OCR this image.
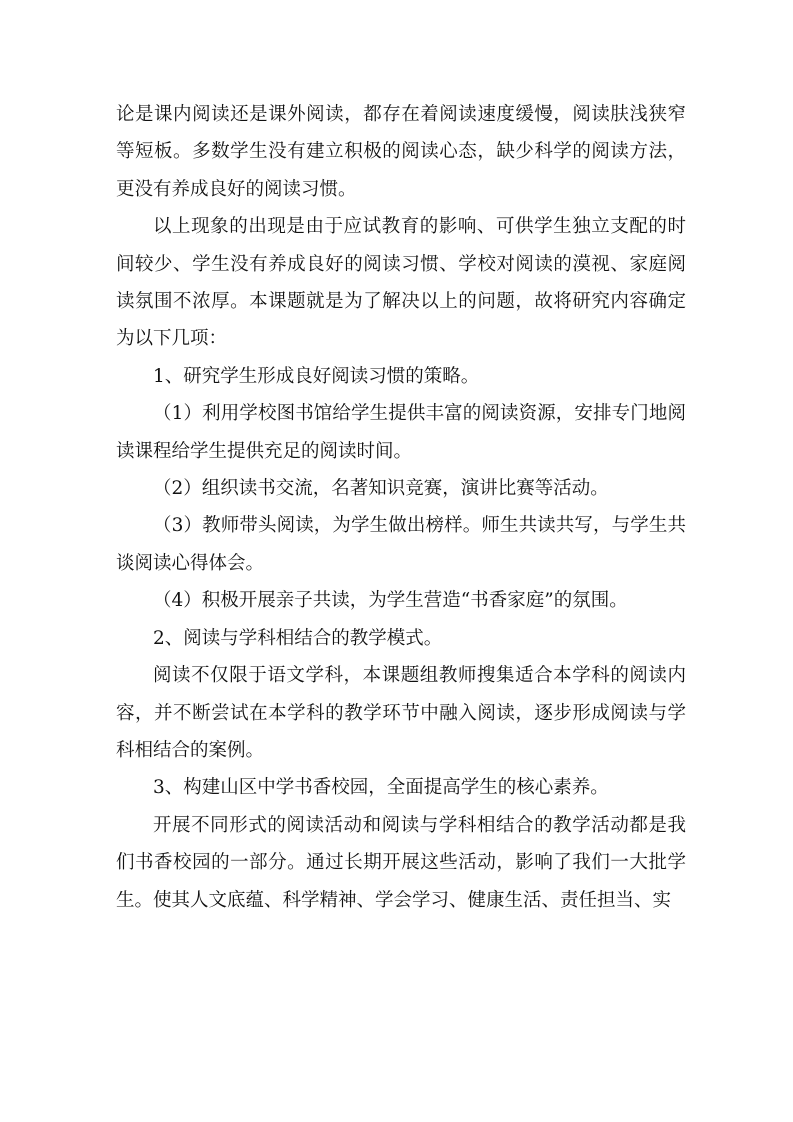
论是课内阅读还是课外阅读，都存在着阅读速度缓慢，阅读肤浅狭窄等短板。多数学生没有建立积极的阅读心态，缺少科学的阅读方法，更没有养成良好的阅读习惯。

以上现象的出现是由于应试教育的影响、可供学生独立支配的时间较少、学生没有养成良好的阅读习惯、学校对阅读的漠视、家庭阅读氛围不浓厚。本课题就是为了解决以上的问题，故将研究内容确定为以下几项：

1、研究学生形成良好阅读习惯的策略。

（1）利用学校图书馆给学生提供丰富的阅读资源，安排专门地阅读课程给学生提供充足的阅读时间。

（2）组织读书交流，名著知识竞赛，演讲比赛等活动。

（3）教师带头阅读，为学生做出榜样。师生共读共写，与学生共谈阅读心得体会。

（4）积极开展亲子共读，为学生营造“书香家庭”的氛围。

2、阅读与学科相结合的教学模式。

阅读不仅限于语文学科，本课题组教师搜集适合本学科的阅读内容，并不断尝试在本学科的教学环节中融入阅读，逐步形成阅读与学科相结合的案例。

3、构建山区中学书香校园，全面提高学生的核心素养。

开展不同形式的阅读活动和阅读与学科相结合的教学活动都是我们书香校园的一部分。通过长期开展这些活动，影响了我们一大批学生。使其人文底蕴、科学精神、学会学习、健康生活、责任担当、实
